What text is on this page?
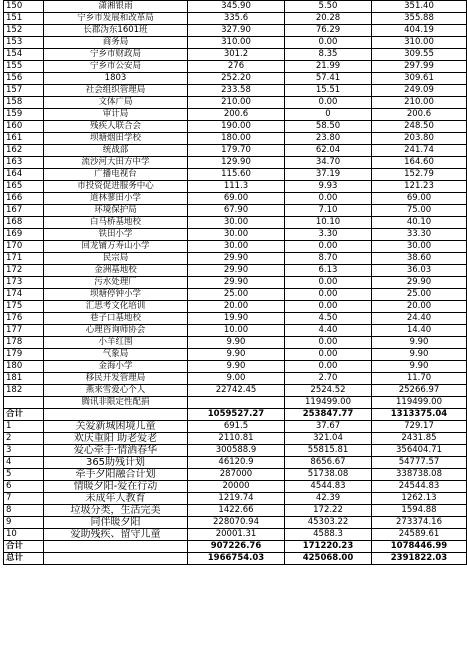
150	潇湘银雨	345.90	5.50	351.40
151	宁乡市发展和改革局	335.6	20.28	355.88
152	长郡沩东1601班	327.90	76.29	404.19
153	商务局	310.00	0.00	310.00
154	宁乡市财政局	301.2	8.35	309.55
155	宁乡市公安局	276	21.99	297.99
156	1803	252.20	57.41	309.61
157	社会组织管理局	233.58	15.51	249.09
158	文体广局	210.00	0.00	210.00
159	审计局	200.6	0	200.6
160	残疾人联合会	190.00	58.50	248.50
161	坝塘烟田学校	180.00	23.80	203.80
162	统战部	179.70	62.04	241.74
163	流沙河大田方中学	129.90	34.70	164.60
164	广播电视台	115.60	37.19	152.79
165	市投资促进服务中心	111.3	9.93	121.23
166	道林蓼田小学	69.00	0.00	69.00
167	环境保护局	67.90	7.10	75.00
168	白马桥基地校	30.00	10.10	40.10
169	铁田小学	30.00	3.30	33.30
170	回龙铺万寿山小学	30.00	0.00	30.00
171	民宗局	29.90	8.70	38.60
172	金洲基地校	29.90	6.13	36.03
173	污水处理厂	29.90	0.00	29.90
174	坝塘停钟小学	25.00	0.00	25.00
175	汇思考文化培训	20.00	0.00	20.00
176	巷子口基地校	19.90	4.50	24.40
177	心理咨询师协会	10.00	4.40	14.40
178	小羊红围	9.90	0.00	9.90
179	气象局	9.90	0.00	9.90
180	金海小学	9.90	0.00	9.90
181	移民开发管理局	9.00	2.70	11.70
182	燕来雪爱心个人	22742.45	2524.52	25266.97
	腾讯非限定性配捐		119499.00	119499.00
合计		1059527.27	253847.77	1313375.04
1	关爱新城困境儿童	691.5	37.67	729.17
2	欢庆重阳 助老爱老	2110.81	321.04	2431.85
3	爱心牵手·情洒春华	300588.9	55815.81	356404.71
4	365助残计划	46120.9	8656.67	54777.57
5	牵手夕阳融合计划	287000	51738.08	338738.08
6	情暖夕阳-爱在行动	20000	4544.83	24544.83
7	未成年人教育	1219.74	42.39	1262.13
8	垃圾分类，生活完美	1422.66	172.22	1594.88
9	同伴暖夕阳	228070.94	45303.22	273374.16
10	爱助残疾、留守儿童	20001.31	4588.3	24589.61
合计		907226.76	171220.23	1078446.99
总计		1966754.03	425068.00	2391822.03
